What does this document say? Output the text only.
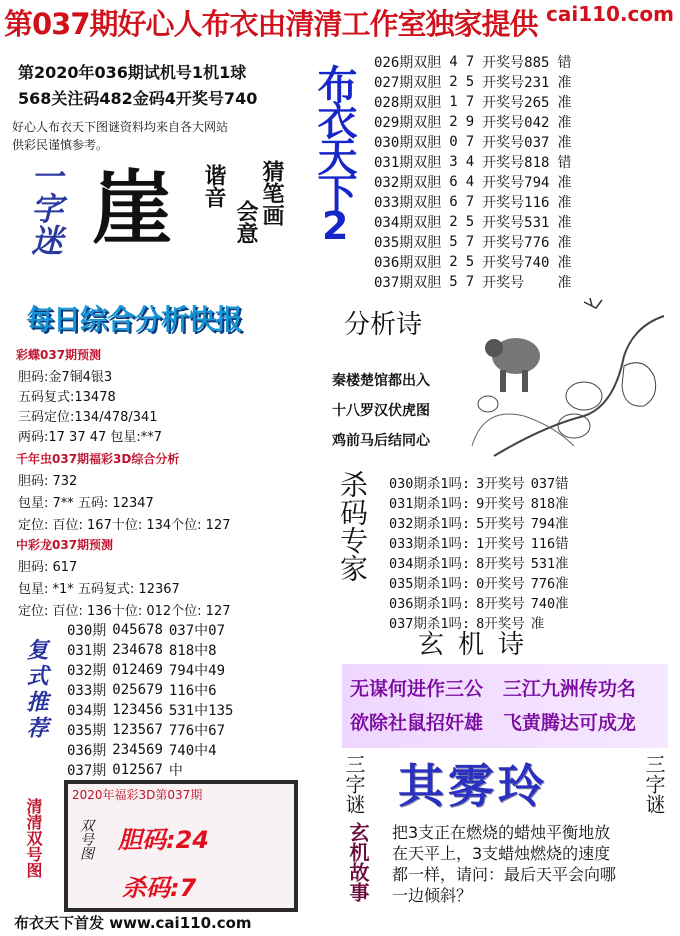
第037期好心人布衣由清清工作室独家提供 cai110.com
第2020年036期试机号1机1球
568关注码482金码4开奖号740
好心人布衣天下图谜资料均来自各大网站
供彩民谨慎参考。
一字迷 崖 谐音
会意 猜笔画 布衣天下
2
026期双胆	4	7	开奖号885	错
027期双胆	2	5	开奖号231	准
028期双胆	1	7	开奖号265	准
029期双胆	2	9	开奖号042	准
030期双胆	0	7	开奖号037	准
031期双胆	3	4	开奖号818	错
032期双胆	6	4	开奖号794	准
033期双胆	6	7	开奖号116	准
034期双胆	2	5	开奖号531	准
035期双胆	5	7	开奖号776	准
036期双胆	2	5	开奖号740	准
037期双胆	5	7	开奖号	准
每日综合分析快报
彩蝶037期预测
胆码:金7铜4银3
五码复式:13478
三码定位:134/478/341
两码:17 37 47 包星:**7
千年虫037期福彩3D综合分析
胆码: 732
包星: 7** 五码: 12347
定位: 百位: 167十位: 134个位: 127
中彩龙037期预测
胆码: 617
包星: *1* 五码复式: 12367
定位: 百位: 136十位: 012个位: 127
分析诗
秦楼楚馆都出入
十八罗汉伏虎图
鸡前马后结同心
杀码专家 030期杀1吗:	3开奖号	037错
031期杀1吗:	9开奖号	818准
032期杀1吗:	5开奖号	794准
033期杀1吗:	1开奖号	116错
034期杀1吗:	8开奖号	531准
035期杀1吗:	0开奖号	776准
036期杀1吗:	8开奖号	740准
037期杀1吗:	8开奖号	准
复式推荐
030期	045678	037中07
031期	234678	818中8
032期	012469	794中49
033期	025679	116中6
034期	123456	531中135
035期	123567	776中67
036期	234569	740中4
037期	012567	中
玄机诗
无谋何进作三公   三江九洲传功名
欲除社鼠招奸雄   飞黄腾达可成龙
三字谜	三字谜
其雾玲
清清双号图
2020年福彩3D第037期
双号图 胆码:24
杀码:7	玄机故事 把3支正在燃烧的蜡烛平衡地放在天平上，3支蜡烛燃烧的速度都一样，请问：最后天平会向哪一边倾斜？
布衣天下首发 www.cai110.com
